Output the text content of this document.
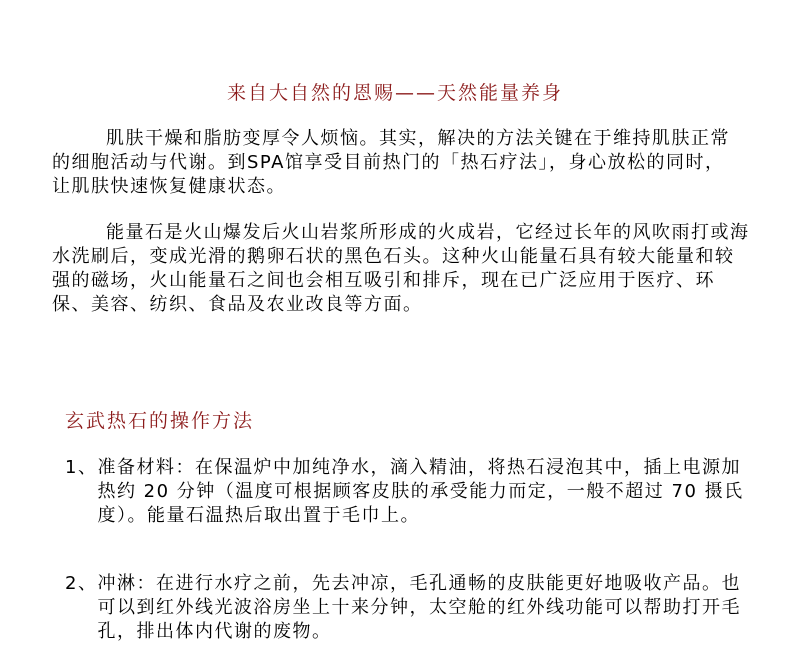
来自大自然的恩赐——天然能量养身

肌肤干燥和脂肪变厚令人烦恼。其实，解决的方法关键在于维持肌肤正常的细胞活动与代谢。到SPA馆享受目前热门的「热石疗法」，身心放松的同时，让肌肤快速恢复健康状态。

能量石是火山爆发后火山岩浆所形成的火成岩，它经过长年的风吹雨打或海水洗刷后，变成光滑的鹅卵石状的黑色石头。这种火山能量石具有较大能量和较强的磁场，火山能量石之间也会相互吸引和排斥，现在已广泛应用于医疗、环保、美容、纺织、食品及农业改良等方面。

玄武热石的操作方法
1、 准备材料：在保温炉中加纯净水，滴入精油，将热石浸泡其中，插上电源加热约 20 分钟（温度可根据顾客皮肤的承受能力而定，一般不超过 70 摄氏度）。能量石温热后取出置于毛巾上。
2、 冲淋：在进行水疗之前，先去冲凉，毛孔通畅的皮肤能更好地吸收产品。也可以到红外线光波浴房坐上十来分钟，太空舱的红外线功能可以帮助打开毛孔，排出体内代谢的废物。
